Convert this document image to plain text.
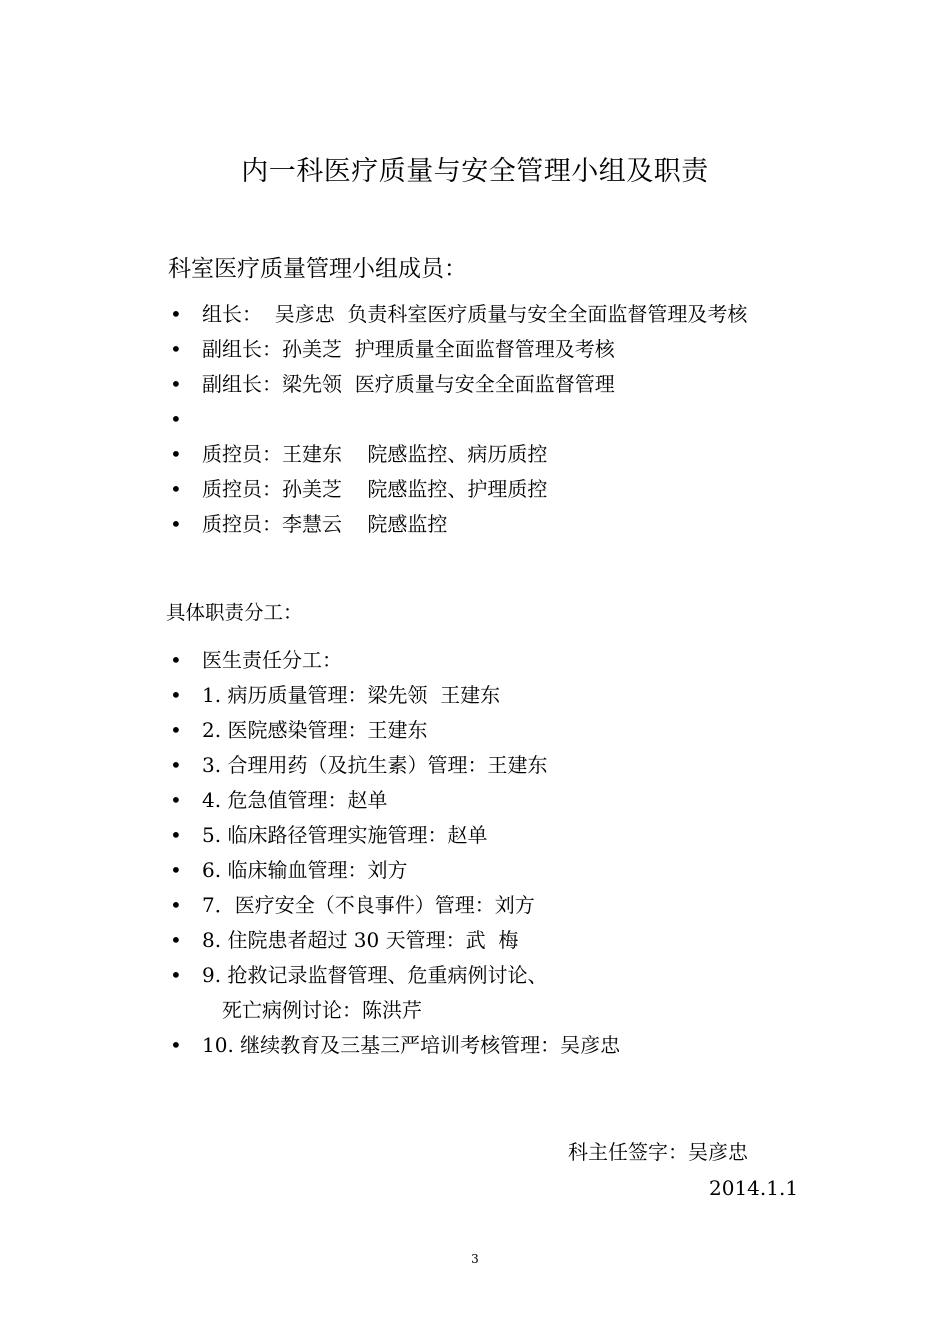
内一科医疗质量与安全管理小组及职责
科室医疗质量管理小组成员：
• 组长：  吴彦忠  负责科室医疗质量与安全全面监督管理及考核
• 副组长：孙美芝  护理质量全面监督管理及考核
• 副组长：梁先领  医疗质量与安全全面监督管理
•
• 质控员：王建东    院感监控、病历质控
• 质控员：孙美芝    院感监控、护理质控
• 质控员：李慧云    院感监控
具体职责分工：
• 医生责任分工：
• 1. 病历质量管理：梁先领  王建东
• 2. 医院感染管理：王建东
• 3. 合理用药（及抗生素）管理：王建东
• 4. 危急值管理：赵单
• 5. 临床路径管理实施管理：赵单
• 6. 临床输血管理：刘方
• 7．医疗安全（不良事件）管理：刘方
• 8. 住院患者超过 30 天管理：武  梅
• 9. 抢救记录监督管理、危重病例讨论、
死亡病例讨论：陈洪芹
• 10. 继续教育及三基三严培训考核管理：吴彦忠
科主任签字：吴彦忠
2014.1.1
3
